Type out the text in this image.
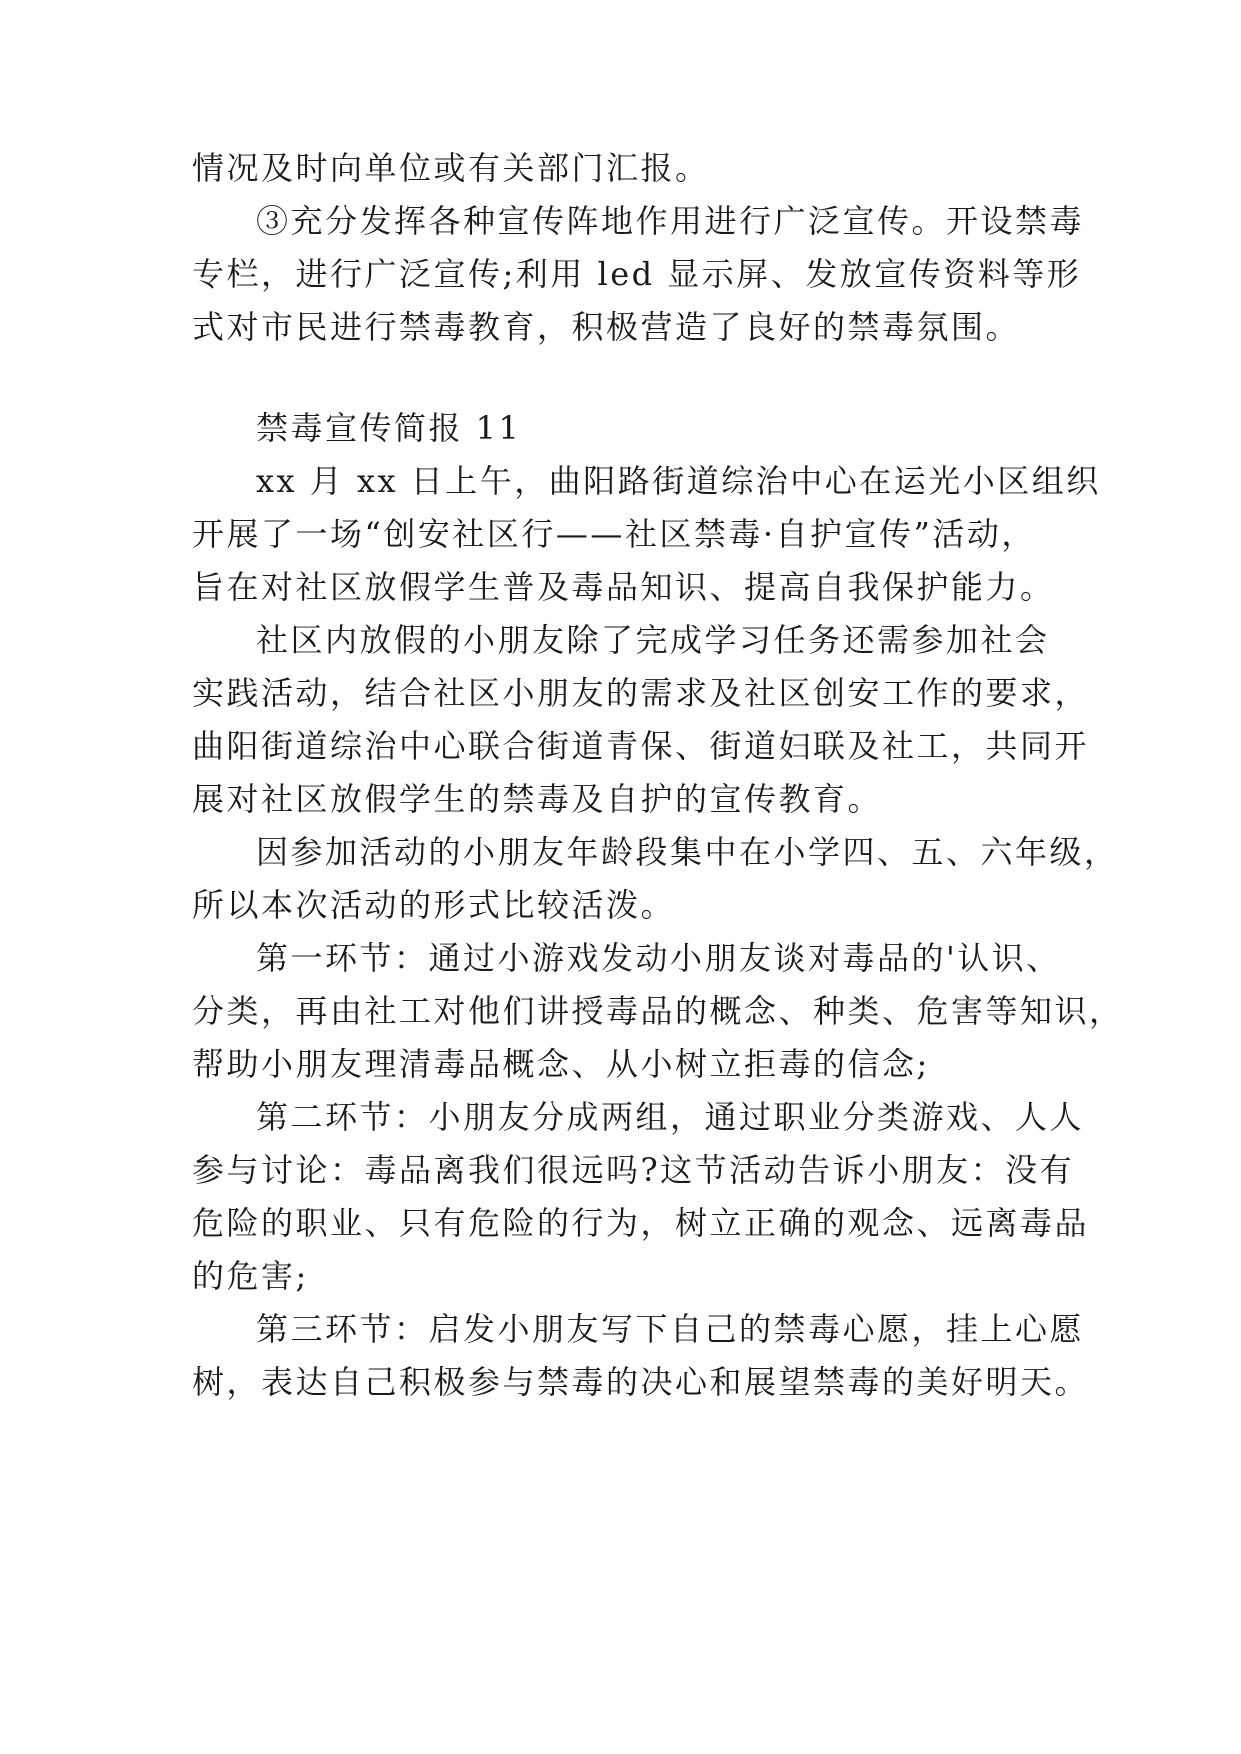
情况及时向单位或有关部门汇报。
③充分发挥各种宣传阵地作用进行广泛宣传。开设禁毒
专栏，进行广泛宣传;利用 led 显示屏、发放宣传资料等形
式对市民进行禁毒教育，积极营造了良好的禁毒氛围。
禁毒宣传简报 11
xx 月 xx 日上午，曲阳路街道综治中心在运光小区组织
开展了一场“创安社区行——社区禁毒·自护宣传”活动，
旨在对社区放假学生普及毒品知识、提高自我保护能力。
社区内放假的小朋友除了完成学习任务还需参加社会
实践活动，结合社区小朋友的需求及社区创安工作的要求，
曲阳街道综治中心联合街道青保、街道妇联及社工，共同开
展对社区放假学生的禁毒及自护的宣传教育。
因参加活动的小朋友年龄段集中在小学四、五、六年级，
所以本次活动的形式比较活泼。
第一环节：通过小游戏发动小朋友谈对毒品的'认识、
分类，再由社工对他们讲授毒品的概念、种类、危害等知识，
帮助小朋友理清毒品概念、从小树立拒毒的信念;
第二环节：小朋友分成两组，通过职业分类游戏、人人
参与讨论：毒品离我们很远吗?这节活动告诉小朋友：没有
危险的职业、只有危险的行为，树立正确的观念、远离毒品
的危害;
第三环节：启发小朋友写下自己的禁毒心愿，挂上心愿
树，表达自己积极参与禁毒的决心和展望禁毒的美好明天。
